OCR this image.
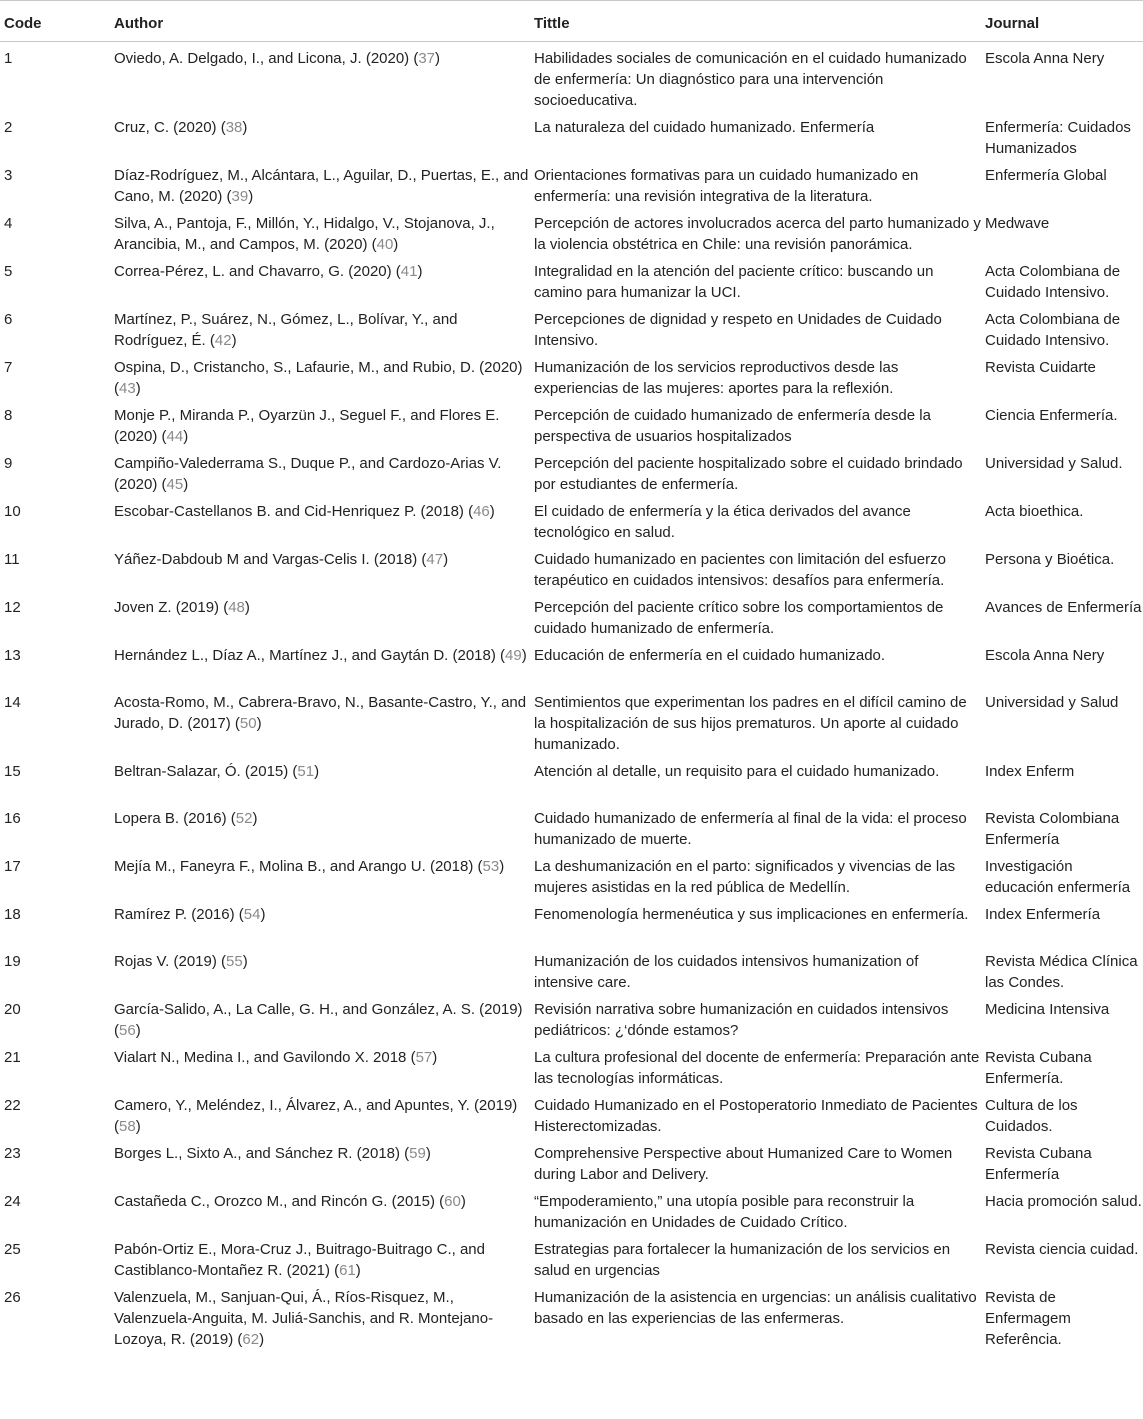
Code	Author	Tittle	Journal
1	Oviedo, A. Delgado, I., and Licona, J. (2020) (37)	Habilidades sociales de comunicación en el cuidado humanizado de enfermería: Un diagnóstico para una intervención socioeducativa.	Escola Anna Nery
2	Cruz, C. (2020) (38)	La naturaleza del cuidado humanizado. Enfermería	Enfermería: Cuidados Humanizados
3	Díaz-Rodríguez, M., Alcántara, L., Aguilar, D., Puertas, E., and Cano, M. (2020) (39)	Orientaciones formativas para un cuidado humanizado en enfermería: una revisión integrativa de la literatura.	Enfermería Global
4	Silva, A., Pantoja, F., Millón, Y., Hidalgo, V., Stojanova, J., Arancibia, M., and Campos, M. (2020) (40)	Percepción de actores involucrados acerca del parto humanizado y la violencia obstétrica en Chile: una revisión panorámica.	Medwave
5	Correa-Pérez, L. and Chavarro, G. (2020) (41)	Integralidad en la atención del paciente crítico: buscando un camino para humanizar la UCI.	Acta Colombiana de Cuidado Intensivo.
6	Martínez, P., Suárez, N., Gómez, L., Bolívar, Y., and Rodríguez, É. (42)	Percepciones de dignidad y respeto en Unidades de Cuidado Intensivo.	Acta Colombiana de Cuidado Intensivo.
7	Ospina, D., Cristancho, S., Lafaurie, M., and Rubio, D. (2020) (43)	Humanización de los servicios reproductivos desde las experiencias de las mujeres: aportes para la reflexión.	Revista Cuidarte
8	Monje P., Miranda P., Oyarzün J., Seguel F., and Flores E. (2020) (44)	Percepción de cuidado humanizado de enfermería desde la perspectiva de usuarios hospitalizados	Ciencia Enfermería.
9	Campiño-Valederrama S., Duque P., and Cardozo-Arias V. (2020) (45)	Percepción del paciente hospitalizado sobre el cuidado brindado por estudiantes de enfermería.	Universidad y Salud.
10	Escobar-Castellanos B. and Cid-Henriquez P. (2018) (46)	El cuidado de enfermería y la ética derivados del avance tecnológico en salud.	Acta bioethica.
11	Yáñez-Dabdoub M and Vargas-Celis I. (2018) (47)	Cuidado humanizado en pacientes con limitación del esfuerzo terapéutico en cuidados intensivos: desafíos para enfermería.	Persona y Bioética.
12	Joven Z. (2019) (48)	Percepción del paciente crítico sobre los comportamientos de cuidado humanizado de enfermería.	Avances de Enfermería
13	Hernández L., Díaz A., Martínez J., and Gaytán D. (2018) (49)	Educación de enfermería en el cuidado humanizado.	Escola Anna Nery
14	Acosta-Romo, M., Cabrera-Bravo, N., Basante-Castro, Y., and Jurado, D. (2017) (50)	Sentimientos que experimentan los padres en el difícil camino de la hospitalización de sus hijos prematuros. Un aporte al cuidado humanizado.	Universidad y Salud
15	Beltran-Salazar, Ó. (2015) (51)	Atención al detalle, un requisito para el cuidado humanizado.	Index Enferm
16	Lopera B. (2016) (52)	Cuidado humanizado de enfermería al final de la vida: el proceso humanizado de muerte.	Revista Colombiana Enfermería
17	Mejía M., Faneyra F., Molina B., and Arango U. (2018) (53)	La deshumanización en el parto: significados y vivencias de las mujeres asistidas en la red pública de Medellín.	Investigación educación enfermería
18	Ramírez P. (2016) (54)	Fenomenología hermenéutica y sus implicaciones en enfermería.	Index Enfermería
19	Rojas V. (2019) (55)	Humanización de los cuidados intensivos humanization of intensive care.	Revista Médica Clínica las Condes.
20	García-Salido, A., La Calle, G. H., and González, A. S. (2019) (56)	Revisión narrativa sobre humanización en cuidados intensivos pediátricos: ¿‘dónde estamos?	Medicina Intensiva
21	Vialart N., Medina I., and Gavilondo X. 2018 (57)	La cultura profesional del docente de enfermería: Preparación ante las tecnologías informáticas.	Revista Cubana Enfermería.
22	Camero, Y., Meléndez, I., Álvarez, A., and Apuntes, Y. (2019) (58)	Cuidado Humanizado en el Postoperatorio Inmediato de Pacientes Histerectomizadas.	Cultura de los Cuidados.
23	Borges L., Sixto A., and Sánchez R. (2018) (59)	Comprehensive Perspective about Humanized Care to Women during Labor and Delivery.	Revista Cubana Enfermería
24	Castañeda C., Orozco M., and Rincón G. (2015) (60)	“Empoderamiento,” una utopía posible para reconstruir la humanización en Unidades de Cuidado Crítico.	Hacia promoción salud.
25	Pabón-Ortiz E., Mora-Cruz J., Buitrago-Buitrago C., and Castiblanco-Montañez R. (2021) (61)	Estrategias para fortalecer la humanización de los servicios en salud en urgencias	Revista ciencia cuidad.
26	Valenzuela, M., Sanjuan-Qui, Á., Ríos-Risquez, M., Valenzuela-Anguita, M. Juliá-Sanchis, and R. Montejano-Lozoya, R. (2019) (62)	Humanización de la asistencia en urgencias: un análisis cualitativo basado en las experiencias de las enfermeras.	Revista de Enfermagem Referência.
